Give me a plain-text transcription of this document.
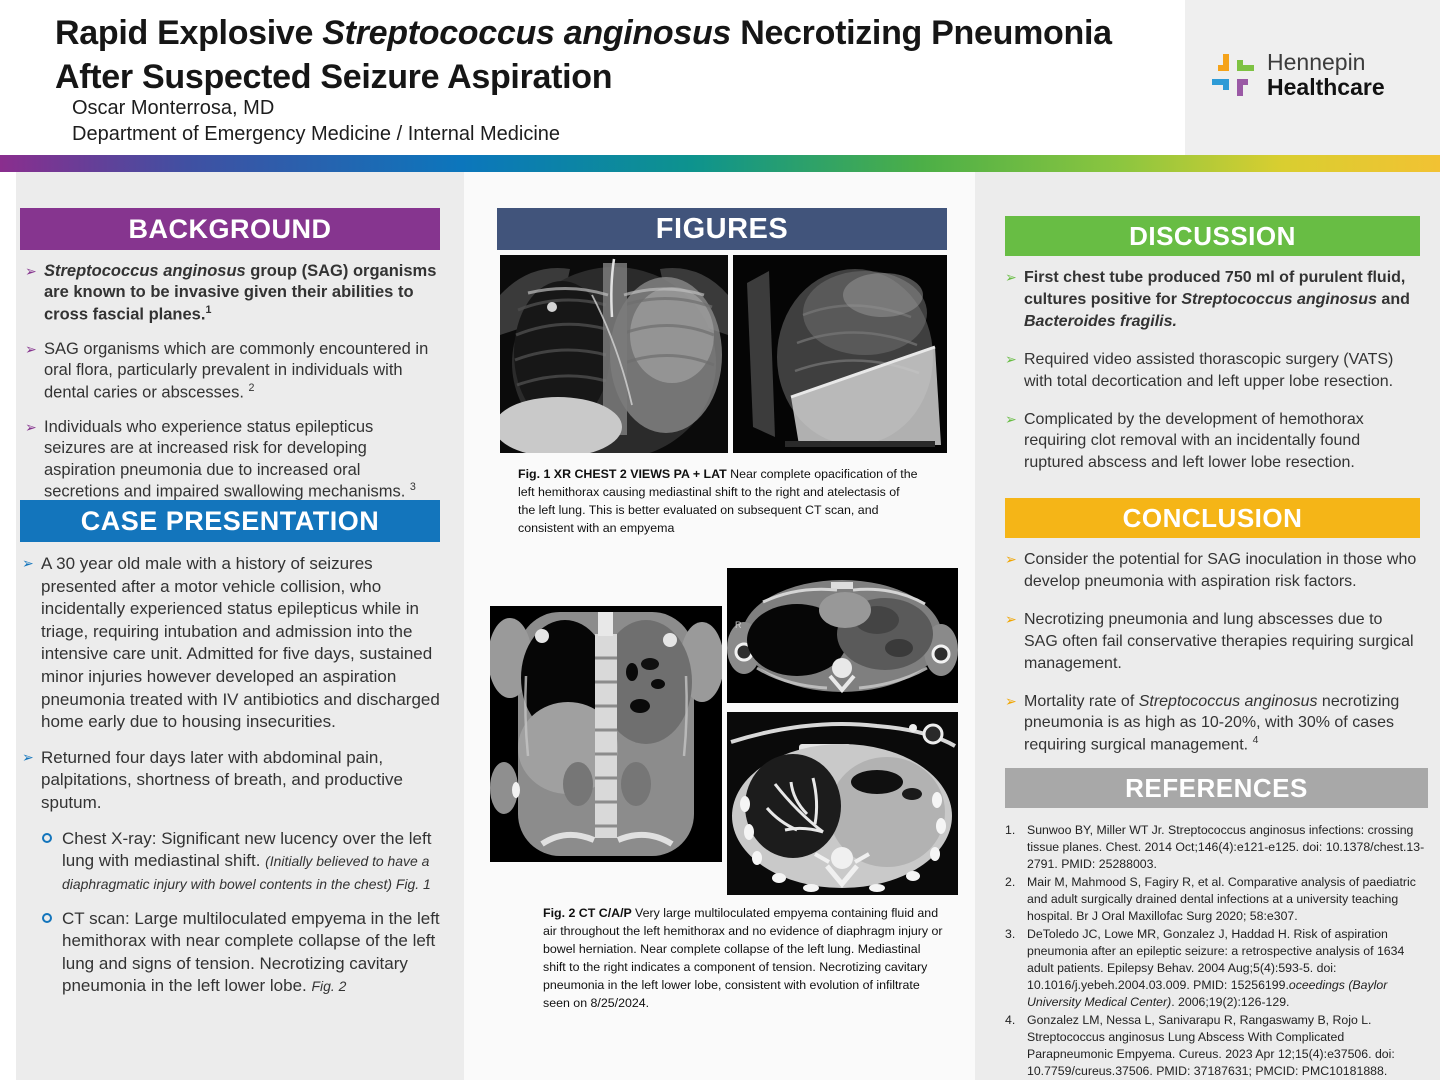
Rapid Explosive Streptococcus anginosus Necrotizing Pneumonia
After Suspected Seizure Aspiration
Oscar Monterrosa, MD
Department of Emergency Medicine / Internal Medicine
Hennepin
Healthcare
BACKGROUND
➢ Streptococcus anginosus group (SAG) organisms are known to be invasive given their abilities to cross fascial planes.$^1$
➢ SAG organisms which are commonly encountered in oral flora, particularly prevalent in individuals with dental caries or abscesses. $^2$
➢ Individuals who experience status epilepticus seizures are at increased risk for developing aspiration pneumonia due to increased oral secretions and impaired swallowing mechanisms. $^3$
CASE PRESENTATION
➢ A 30 year old male with a history of seizures presented after a motor vehicle collision, who incidentally experienced status epilepticus while in triage, requiring intubation and admission into the intensive care unit. Admitted for five days, sustained minor injuries however developed an aspiration pneumonia treated with IV antibiotics and discharged home early due to housing insecurities.
➢ Returned four days later with abdominal pain, palpitations, shortness of breath, and productive sputum.
Chest X-ray: Significant new lucency over the left lung with mediastinal shift. (Initially believed to have a diaphragmatic injury with bowel contents in the chest) Fig. 1
CT scan: Large multiloculated empyema in the left hemithorax with near complete collapse of the left lung and signs of tension. Necrotizing cavitary pneumonia in the left lower lobe. Fig. 2
FIGURES
Fig. 1 XR CHEST 2 VIEWS PA + LAT Near complete opacification of the left hemithorax causing mediastinal shift to the right and atelectasis of the left lung. This is better evaluated on subsequent CT scan, and consistent with an empyema
R
Fig. 2 CT C/A/P Very large multiloculated empyema containing fluid and air throughout the left hemithorax and no evidence of diaphragm injury or bowel herniation. Near complete collapse of the left lung. Mediastinal shift to the right indicates a component of tension. Necrotizing cavitary pneumonia in the left lower lobe, consistent with evolution of infiltrate seen on 8/25/2024.
DISCUSSION
➢ First chest tube produced 750 ml of purulent fluid, cultures positive for Streptococcus anginosus and Bacteroides fragilis.
➢ Required video assisted thorascopic surgery (VATS) with total decortication and left upper lobe resection.
➢ Complicated by the development of hemothorax requiring clot removal with an incidentally found ruptured abscess and left lower lobe resection.
CONCLUSION
➢ Consider the potential for SAG inoculation in those who develop pneumonia with aspiration risk factors.
➢ Necrotizing pneumonia and lung abscesses due to SAG often fail conservative therapies requiring surgical management.
➢ Mortality rate of Streptococcus anginosus necrotizing pneumonia is as high as 10-20%, with 30% of cases requiring surgical management. $^4$
REFERENCES
1. Sunwoo BY, Miller WT Jr. Streptococcus anginosus infections: crossing tissue planes. Chest. 2014 Oct;146(4):e121-e125. doi: 10.1378/chest.13-2791. PMID: 25288003.
2. Mair M, Mahmood S, Fagiry R, et al. Comparative analysis of paediatric and adult surgically drained dental infections at a university teaching hospital. Br J Oral Maxillofac Surg 2020; 58:e307.
3. DeToledo JC, Lowe MR, Gonzalez J, Haddad H. Risk of aspiration pneumonia after an epileptic seizure: a retrospective analysis of 1634 adult patients. Epilepsy Behav. 2004 Aug;5(4):593-5. doi: 10.1016/j.yebeh.2004.03.009. PMID: 15256199.oceedings (Baylor University Medical Center). 2006;19(2):126-129.
4. Gonzalez LM, Nessa L, Sanivarapu R, Rangaswamy B, Rojo L. Streptococcus anginosus Lung Abscess With Complicated Parapneumonic Empyema. Cureus. 2023 Apr 12;15(4):e37506. doi: 10.7759/cureus.37506. PMID: 37187631; PMCID: PMC10181888.
